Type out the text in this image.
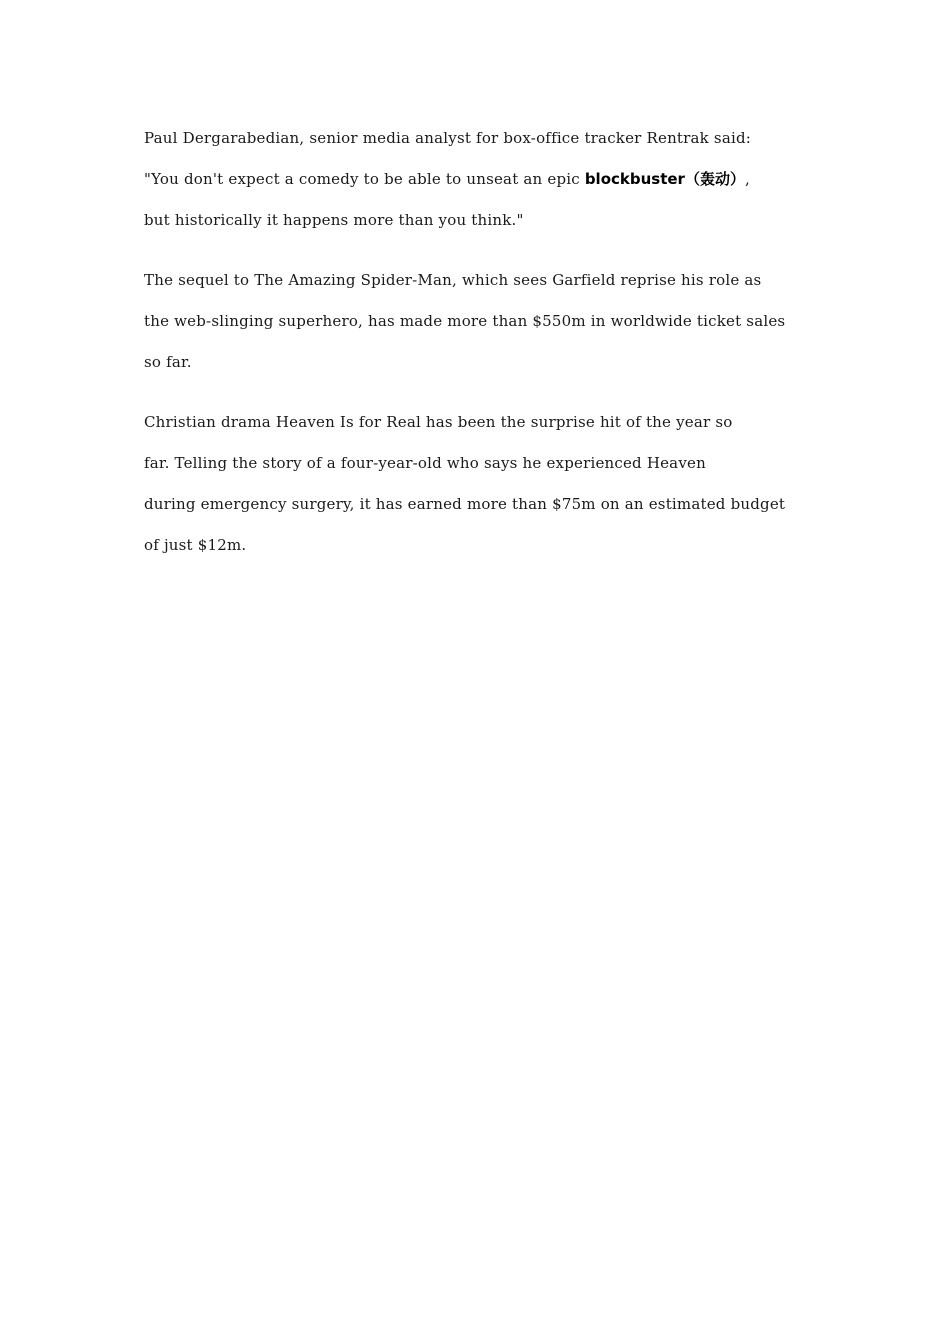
Paul Dergarabedian, senior media analyst for box-office tracker Rentrak said:
"You don't expect a comedy to be able to unseat an epic blockbuster（轰动）,
but historically it happens more than you think."

The sequel to The Amazing Spider-Man, which sees Garfield reprise his role as
the web-slinging superhero, has made more than $550m in worldwide ticket sales
so far.

Christian drama Heaven Is for Real has been the surprise hit of the year so
far. Telling the story of a four-year-old who says he experienced Heaven
during emergency surgery, it has earned more than $75m on an estimated budget
of just $12m.
